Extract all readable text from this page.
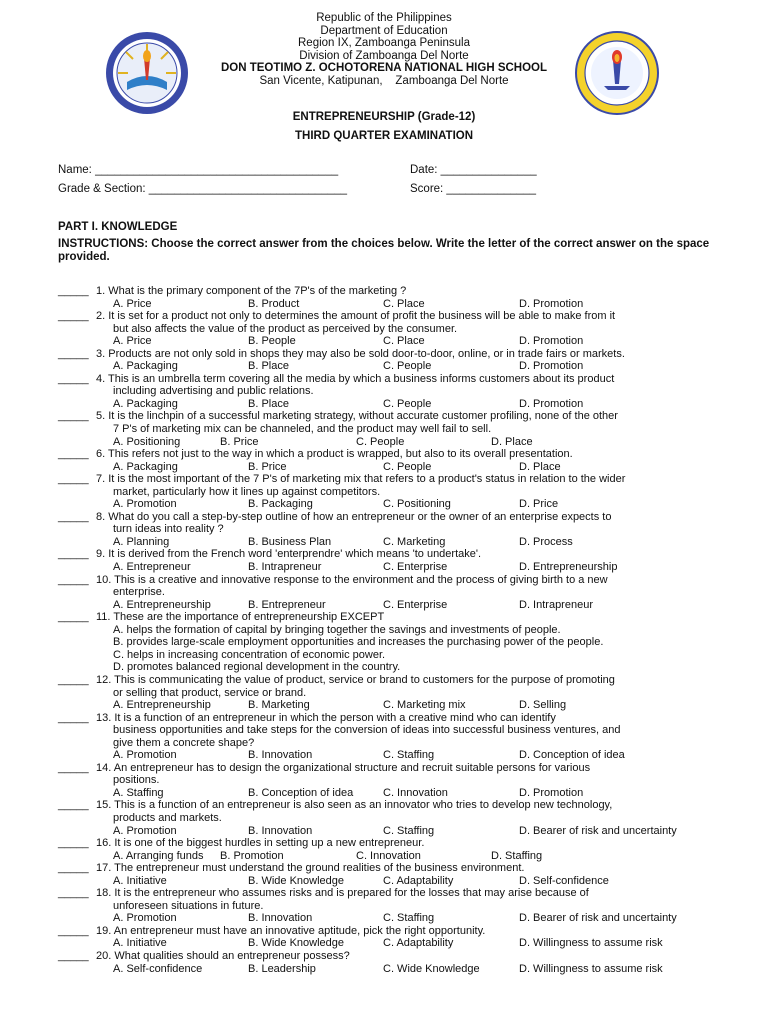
Republic of the Philippines
Department of Education
Region IX, Zamboanga Peninsula
Division of Zamboanga Del Norte
DON TEOTIMO Z. OCHOTORENA NATIONAL HIGH SCHOOL
San Vicente, Katipunan,    Zamboanga Del Norte
ENTREPRENEURSHIP (Grade-12)
THIRD QUARTER EXAMINATION
Name: ______________________________________	Date: _______________
Grade & Section: _______________________________	Score: ______________
PART I. KNOWLEDGE
INSTRUCTIONS: Choose the correct answer from the choices below. Write the letter of the correct answer on the space provided.
_____ 1. What is the primary component of the 7P's of the marketing ?
A. Price	B. Product	C. Place	D. Promotion
_____ 2. It is set for a product not only to determines the amount of profit the business will be able to make from it
but also affects the value of the product as perceived by the consumer.
A. Price	B. People	C. Place	D. Promotion
_____ 3. Products are not only sold in shops they may also be sold door-to-door, online, or in trade fairs or markets.
A. Packaging	B. Place	C. People	D. Promotion
_____ 4. This is an umbrella term covering all the media by which a business informs customers about its product
including advertising and public relations.
A. Packaging	B. Place	C. People	D. Promotion
_____ 5. It is the linchpin of a successful marketing strategy, without accurate customer profiling, none of the other
7 P's of marketing mix can be channeled, and the product may well fail to sell.
A. Positioning	B. Price	C. People	D. Place
_____ 6. This refers not just to the way in which a product is wrapped, but also to its overall presentation.
A. Packaging	B. Price	C. People	D. Place
_____ 7. It is the most important of the 7 P's of marketing mix that refers to a product's status in relation to the wider
market, particularly how it lines up against competitors.
A. Promotion	B. Packaging	C. Positioning	D. Price
_____ 8. What do you call a step-by-step outline of how an entrepreneur or the owner of an enterprise expects to
turn ideas into reality ?
A. Planning	B. Business Plan	C. Marketing	D. Process
_____ 9. It is derived from the French word 'enterprendre' which means 'to undertake'.
A. Entrepreneur	B. Intrapreneur	C. Enterprise	D. Entrepreneurship
_____ 10. This is a creative and innovative response to the environment and the process of giving birth to a new
enterprise.
A. Entrepreneurship	B. Entrepreneur	C. Enterprise	D. Intrapreneur
_____ 11. These are the importance of entrepreneurship EXCEPT
A. helps the formation of capital by bringing together the savings and investments of people.
B. provides large-scale employment opportunities and increases the purchasing power of the people.
C. helps in increasing concentration of economic power.
D. promotes balanced regional development in the country.
_____ 12. This is communicating the value of product, service or brand to customers for the purpose of promoting
or selling that product, service or brand.
A. Entrepreneurship	B. Marketing	C. Marketing mix	D. Selling
_____ 13. It is a function of an entrepreneur in which the person with a creative mind who can identify
business opportunities and take steps for the conversion of ideas into successful business ventures, and
give them a concrete shape?
A. Promotion	B. Innovation	C. Staffing	D. Conception of idea
_____ 14. An entrepreneur has to design the organizational structure and recruit suitable persons for various
positions.
A. Staffing	B. Conception of idea	C. Innovation	D. Promotion
_____ 15. This is a function of an entrepreneur is also seen as an innovator who tries to develop new technology,
products and markets.
A. Promotion	B. Innovation	C. Staffing	D. Bearer of risk and uncertainty
_____ 16. It is one of the biggest hurdles in setting up a new entrepreneur.
A. Arranging funds B. Promotion	C. Innovation	D. Staffing
_____ 17. The entrepreneur must understand the ground realities of the business environment.
A. Initiative	B. Wide Knowledge	C. Adaptability	D. Self-confidence
_____ 18. It is the entrepreneur who assumes risks and is prepared for the losses that may arise because of
unforeseen situations in future.
A. Promotion	B. Innovation	C. Staffing	D. Bearer of risk and uncertainty
_____ 19. An entrepreneur must have an innovative aptitude, pick the right opportunity.
A. Initiative	B. Wide Knowledge	C. Adaptability	D. Willingness to assume risk
_____ 20. What qualities should an entrepreneur possess?
A. Self-confidence	B. Leadership	C. Wide Knowledge	D. Willingness to assume risk
